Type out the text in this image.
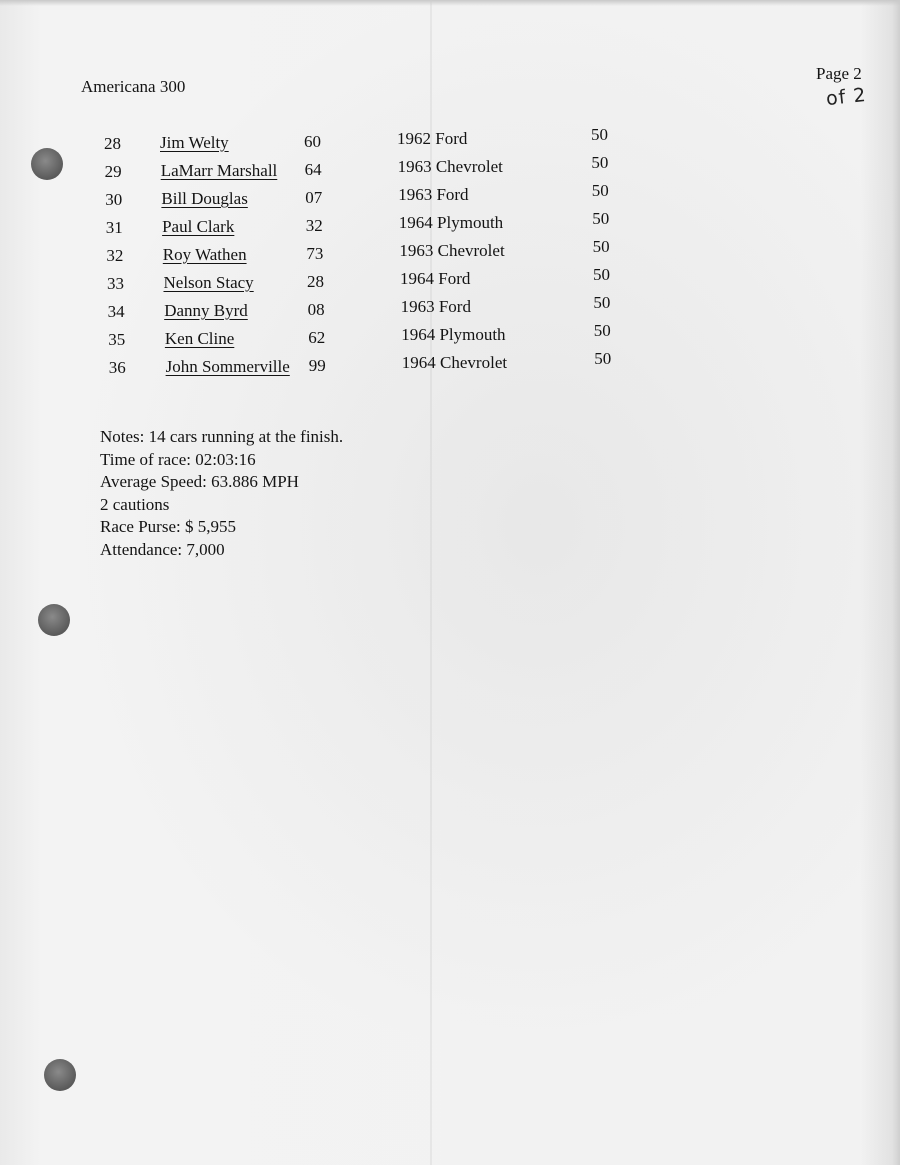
Americana 300
Page 2
of 2
28	Jim Welty	60	1962 Ford	50
29	LaMarr Marshall 64	1963 Chevrolet	50
30	Bill Douglas	07	1963 Ford	50
31	Paul Clark	32	1964 Plymouth	50
32	Roy Wathen	73	1963 Chevrolet	50
33	Nelson Stacy	28	1964 Ford	50
34	Danny Byrd	08	1963 Ford	50
35	Ken Cline	62	1964 Plymouth	50
36	John Sommerville 99	1964 Chevrolet	50
Notes: 14 cars running at the finish.
Time of race: 02:03:16
Average Speed: 63.886 MPH
2 cautions
Race Purse: $ 5,955
Attendance: 7,000
